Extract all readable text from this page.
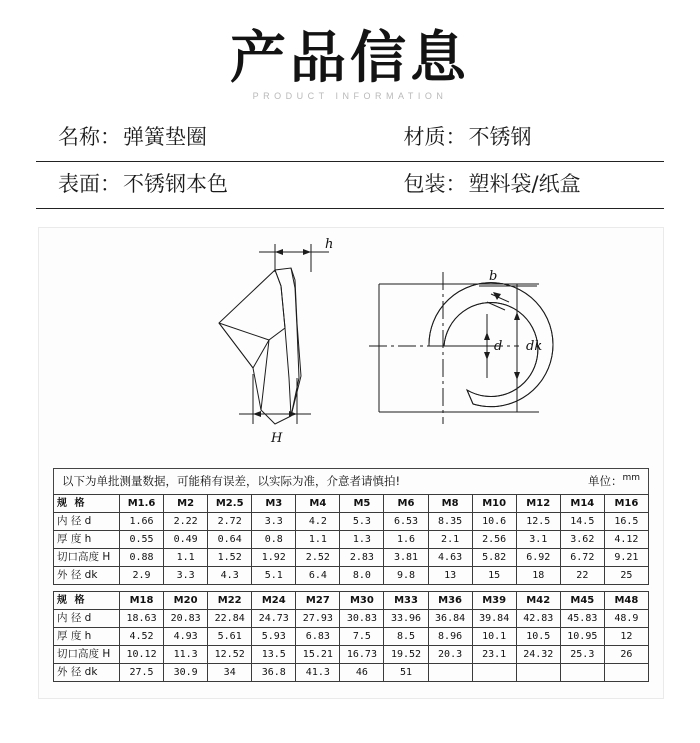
产品信息
PRODUCT INFORMATION
名称： 弹簧垫圈	材质： 不锈钢
表面： 不锈钢本色	包装： 塑料袋/纸盒
h
H
b
d dk
以下为单批测量数据，可能稍有误差，以实际为准，介意者请慎拍!	单位：$^{mm}$
规 格	M1.6	M2	M2.5	M3	M4	M5	M6	M8	M10	M12	M14	M16
内 径 d	1.66	2.22	2.72	3.3	4.2	5.3	6.53	8.35	10.6	12.5	14.5	16.5
厚 度 h	0.55	0.49	0.64	0.8	1.1	1.3	1.6	2.1	2.56	3.1	3.62	4.12
切口高度 H	0.88	1.1	1.52	1.92	2.52	2.83	3.81	4.63	5.82	6.92	6.72	9.21
外 径 dk	2.9	3.3	4.3	5.1	6.4	8.0	9.8	13	15	18	22	25
规 格	M18	M20	M22	M24	M27	M30	M33	M36	M39	M42	M45	M48
内 径 d	18.63	20.83	22.84	24.73	27.93	30.83	33.96	36.84	39.84	42.83	45.83	48.9
厚 度 h	4.52	4.93	5.61	5.93	6.83	7.5	8.5	8.96	10.1	10.5	10.95	12
切口高度 H	10.12	11.3	12.52	13.5	15.21	16.73	19.52	20.3	23.1	24.32	25.3	26
外 径 dk	27.5	30.9	34	36.8	41.3	46	51					
